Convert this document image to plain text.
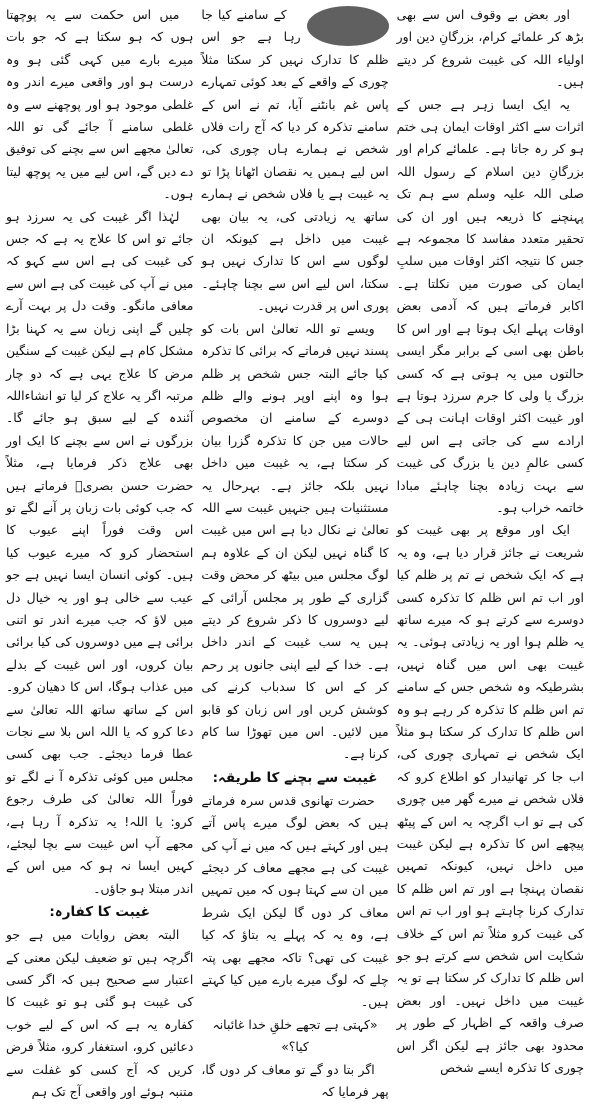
اور بعض بے وقوف اس سے بھی بڑھ کر علمائے کرام، بزرگانِ دین اور اولیاء اللہ کی غیبت شروع کر دیتے ہیں۔

یہ ایک ایسا زہر ہے جس کے اثرات سے اکثر اوقات ایمان ہی ختم ہو کر رہ جاتا ہے۔ علمائے کرام اور بزرگانِ دین اسلام کے رسول اللہ صلی اللہ علیہ وسلم سے ہم تک پہنچنے کا ذریعہ ہیں اور ان کی تحقیر متعدد مفاسد کا مجموعہ ہے جس کا نتیجہ اکثر اوقات میں سلبِ ایمان کی صورت میں نکلتا ہے۔ اکابر فرماتے ہیں کہ آدمی بعض اوقات پہلے ایک ہوتا ہے اور اس کا باطن بھی اسی کے برابر مگر ایسی حالتوں میں یہ ہوتی ہے کہ کسی بزرگ یا ولی کا جرم سرزد ہوتا ہے اور غیبت اکثر اوقات اہانت ہی کے ارادے سے کی جاتی ہے اس لیے کسی عالمِ دین یا بزرگ کی غیبت سے بہت زیادہ بچنا چاہئے مبادا خاتمہ خراب ہو۔

ایک اور موقع پر بھی غیبت کو شریعت نے جائز قرار دیا ہے، وہ یہ ہے کہ ایک شخص نے تم پر ظلم کیا اور اب تم اس ظلم کا تذکرہ کسی دوسرے سے کرتے ہو کہ میرے ساتھ یہ ظلم ہوا اور یہ زیادتی ہوئی۔ یہ غیبت بھی اس میں گناہ نہیں، بشرطیکہ وہ شخص جس کے سامنے تم اس ظلم کا تذکرہ کر رہے ہو وہ اس ظلم کا تدارک کر سکتا ہو مثلاً ایک شخص نے تمہاری چوری کی، اب جا کر تھانیدار کو اطلاع کرو کہ فلاں شخص نے میرے گھر میں چوری کی ہے تو اب اگرچہ یہ اس کے پیٹھ پیچھے اس کا تذکرہ ہے لیکن غیبت میں داخل نہیں، کیونکہ تمہیں نقصان پہنچا ہے اور تم اس ظلم کا تدارک کرنا چاہتے ہو اور اب تم اس کی غیبت کرو مثلاً تم اس کے خلاف شکایت اس شخص سے کرتے ہو جو اس ظلم کا تدارک کر سکتا ہے تو یہ غیبت میں داخل نہیں۔ اور بعض صرف واقعہ کے اظہار کے طور پر محدود بھی جائز ہے لیکن اگر اس چوری کا تذکرہ ایسے شخص

کے سامنے کیا جا رہا ہے جو اس ظلم کا تدارک نہیں کر سکتا مثلاً چوری کے واقعے کے بعد کوئی تمہارے پاس غم بانٹنے آیا، تم نے اس کے سامنے تذکرہ کر دیا کہ آج رات فلاں شخص نے ہمارے ہاں چوری کی، اس لیے ہمیں یہ نقصان اٹھانا پڑا تو یہ غیبت ہے یا فلاں شخص نے ہمارے ساتھ یہ زیادتی کی، یہ بیان بھی غیبت میں داخل ہے کیونکہ ان لوگوں سے اس کا تدارک نہیں ہو سکتا، اس لیے اس سے بچنا چاہئے۔ پوری اس پر قدرت نہیں۔

ویسے تو اللہ تعالیٰ اس بات کو پسند نہیں فرماتے کہ برائی کا تذکرہ کیا جائے البتہ جس شخص پر ظلم ہوا وہ اپنے اوپر ہونے والے ظلم دوسرے کے سامنے ان مخصوص حالات میں جن کا تذکرہ گزرا بیان کر سکتا ہے، یہ غیبت میں داخل نہیں بلکہ جائز ہے۔ بہرحال یہ مستثنیات ہیں جنہیں غیبت سے اللہ تعالیٰ نے نکال دیا ہے اس میں غیبت کا گناہ نہیں لیکن ان کے علاوہ ہم لوگ مجلس میں بیٹھ کر محض وقت گزاری کے طور پر مجلس آرائی کے لیے دوسروں کا ذکر شروع کر دیتے ہیں یہ سب غیبت کے اندر داخل ہے۔ خدا کے لیے اپنی جانوں پر رحم کر کے اس کا سدباب کرنے کی کوشش کریں اور اس زبان کو قابو میں لائیں۔ اس میں تھوڑا سا کام کرنا ہے۔

غیبت سے بچنے کا طریقہ:

حضرت تھانوی قدس سرہ فرماتے ہیں کہ بعض لوگ میرے پاس آتے ہیں اور کہتے ہیں کہ میں نے آپ کی غیبت کی ہے مجھے معاف کر دیجئے میں ان سے کہتا ہوں کہ میں تمہیں معاف کر دوں گا لیکن ایک شرط ہے، وہ یہ کہ پہلے یہ بتاؤ کہ کیا غیبت کی تھی؟ تاکہ مجھے بھی پتہ چلے کہ لوگ میرے بارے میں کیا کہتے ہیں۔

«کہتی ہے تجھے خلقِ خدا غائبانہ کیا؟»

اگر بتا دو گے تو معاف کر دوں گا، پھر فرمایا کہ

میں اس حکمت سے یہ پوچھتا ہوں کہ ہو سکتا ہے کہ جو بات میرے بارے میں کہی گئی ہو وہ درست ہو اور واقعی میرے اندر وہ غلطی موجود ہو اور پوچھنے سے وہ غلطی سامنے آ جائے گی تو اللہ تعالیٰ مجھے اس سے بچنے کی توفیق دے دیں گے، اس لیے میں یہ پوچھ لیتا ہوں۔

لہٰذا اگر غیبت کی یہ سرزد ہو جائے تو اس کا علاج یہ ہے کہ جس کی غیبت کی ہے اس سے کہو کہ میں نے آپ کی غیبت کی ہے اس سے معافی مانگو۔ وقت دل پر بہت آرے چلیں گے اپنی زبان سے یہ کہنا بڑا مشکل کام ہے لیکن غیبت کے سنگین مرض کا علاج یہی ہے کہ دو چار مرتبہ اگر یہ علاج کر لیا تو انشاءاللہ آئندہ کے لیے سبق ہو جائے گا۔ بزرگوں نے اس سے بچنے کا ایک اور بھی علاج ذکر فرمایا ہے، مثلاً حضرت حسن بصریؒ فرماتے ہیں کہ جب کوئی بات زبان پر آنے لگے تو اس وقت فوراً اپنے عیوب کا استحضار کرو کہ میرے عیوب کیا ہیں۔ کوئی انسان ایسا نہیں ہے جو عیب سے خالی ہو اور یہ خیال دل میں لاؤ کہ جب میرے اندر تو اتنی برائی ہے میں دوسروں کی کیا برائی بیان کروں، اور اس غیبت کے بدلے میں عذاب ہوگا، اس کا دھیان کرو۔ اس کے ساتھ ساتھ اللہ تعالیٰ سے دعا کرو کہ یا اللہ اس بلا سے نجات عطا فرما دیجئے۔ جب بھی کسی مجلس میں کوئی تذکرہ آ نے لگے تو فوراً اللہ تعالیٰ کی طرف رجوع کرو: یا اللہ! یہ تذکرہ آ رہا ہے، مجھے آپ اس غیبت سے بچا لیجئے، کہیں ایسا نہ ہو کہ میں اس کے اندر مبتلا ہو جاؤں۔

غیبت کا کفارہ:

البتہ بعض روایات میں ہے جو اگرچہ ہیں تو ضعیف لیکن معنی کے اعتبار سے صحیح ہیں کہ اگر کسی کی غیبت ہو گئی ہو تو غیبت کا کفارہ یہ ہے کہ اس کے لیے خوب دعائیں کرو، استغفار کرو، مثلاً فرض کریں کہ آج کسی کو غفلت سے متنبہ ہوئے اور واقعی آج تک ہم
